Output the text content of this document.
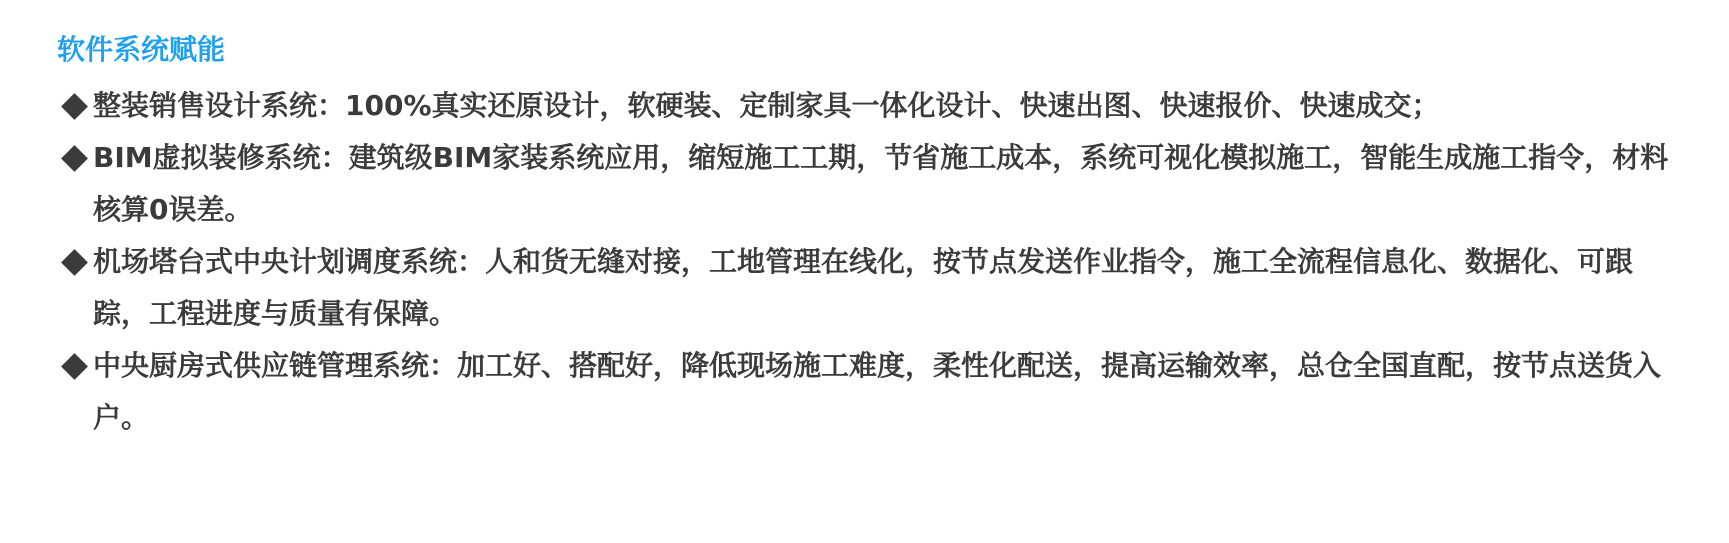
软件系统赋能
整装销售设计系统：100%真实还原设计，软硬装、定制家具一体化设计、快速出图、快速报价、快速成交；
BIM虚拟装修系统：建筑级BIM家装系统应用，缩短施工工期，节省施工成本，系统可视化模拟施工，智能生成施工指令，材料核算0误差。
机场塔台式中央计划调度系统：人和货无缝对接，工地管理在线化，按节点发送作业指令，施工全流程信息化、数据化、可跟踪，工程进度与质量有保障。
中央厨房式供应链管理系统：加工好、搭配好，降低现场施工难度，柔性化配送，提高运输效率，总仓全国直配，按节点送货入户。
